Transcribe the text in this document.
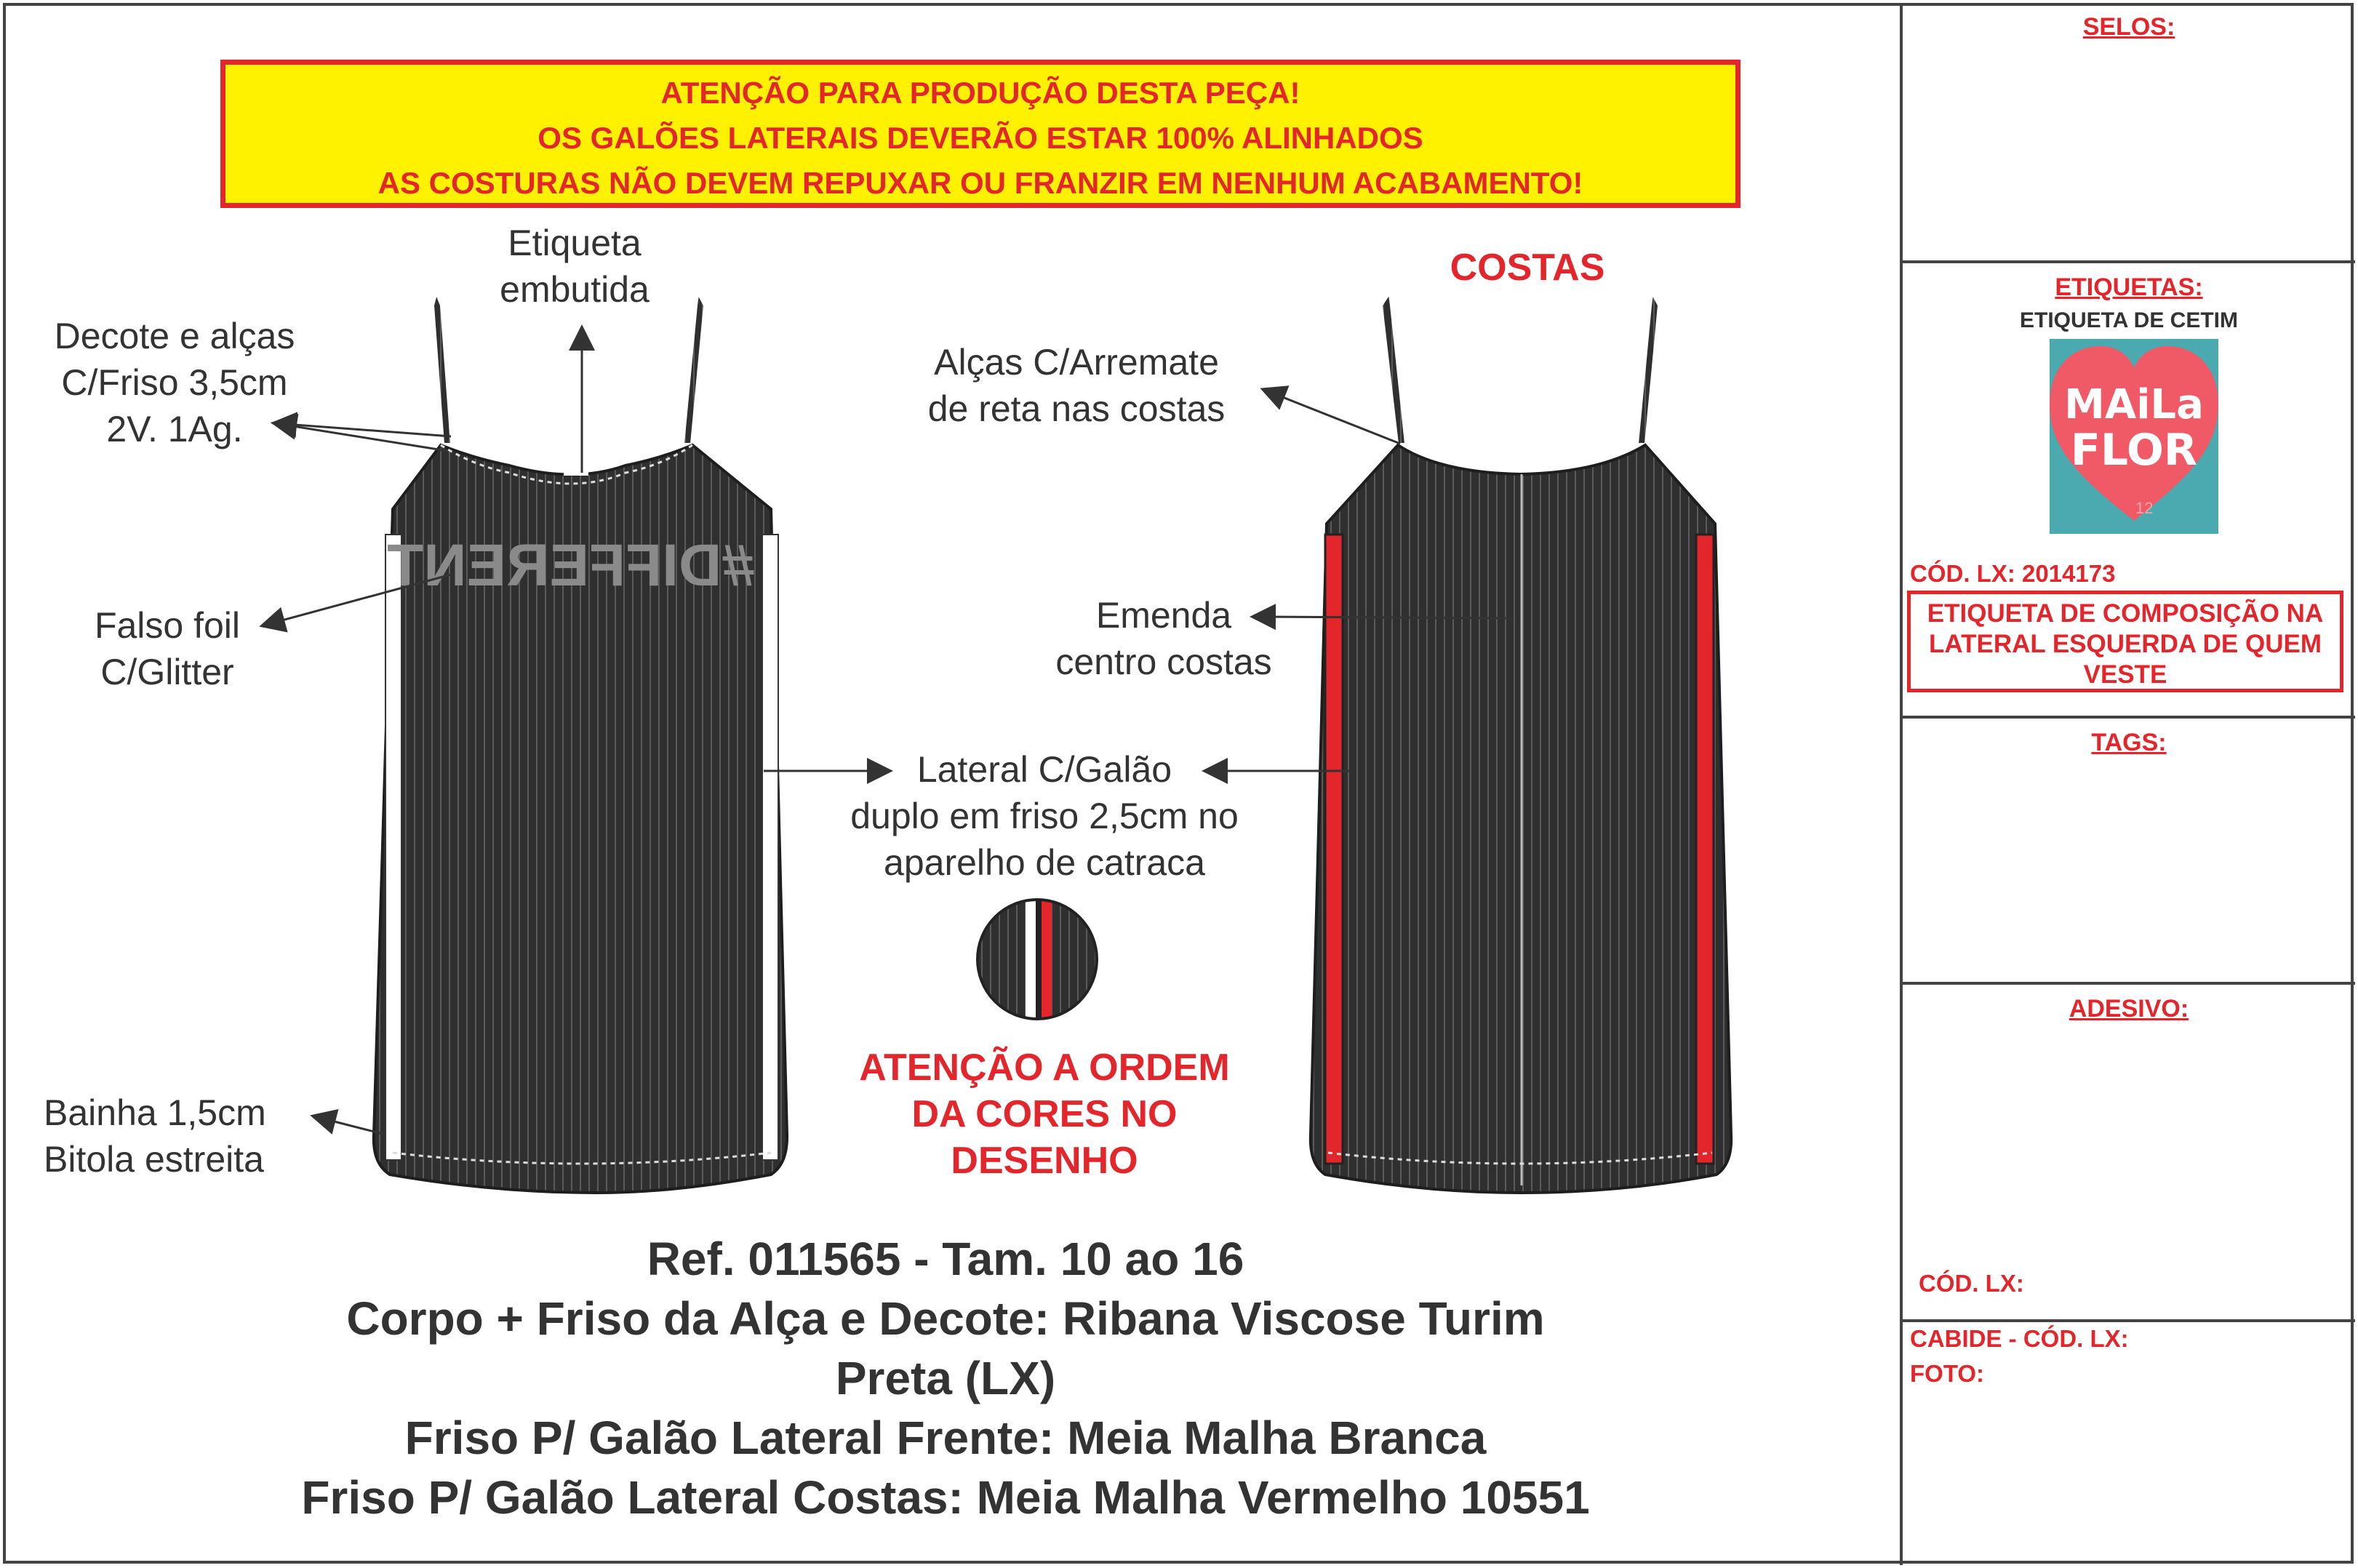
ATENÇÃO PARA PRODUÇÃO DESTA PEÇA!
OS GALÕES LATERAIS DEVERÃO ESTAR 100% ALINHADOS
AS COSTURAS NÃO DEVEM REPUXAR OU FRANZIR EM NENHUM ACABAMENTO!
#DIFFERENT
Etiqueta
embutida
Decote e alças
C/Friso 3,5cm
2V. 1Ag.
Falso foil
C/Glitter
Bainha 1,5cm
Bitola estreita
Lateral C/Galão
duplo em friso 2,5cm no
aparelho de catraca
ATENÇÃO A ORDEM
DA CORES NO
DESENHO
COSTAS
Alças C/Arremate
de reta nas costas
Emenda
centro costas
Ref. 011565 - Tam. 10 ao 16
Corpo + Friso da Alça e Decote: Ribana Viscose Turim
Preta (LX)
Friso P/ Galão Lateral Frente: Meia Malha Branca
Friso P/ Galão Lateral Costas: Meia Malha Vermelho 10551
SELOS:
ETIQUETAS:
ETIQUETA DE CETIM
CÓD. LX: 2014173
TAGS:
ADESIVO:
CÓD. LX:
CABIDE - CÓD. LX:
FOTO:
MAiLa
FLOR
12
ETIQUETA DE COMPOSIÇÃO NA LATERAL ESQUERDA DE QUEM VESTE
